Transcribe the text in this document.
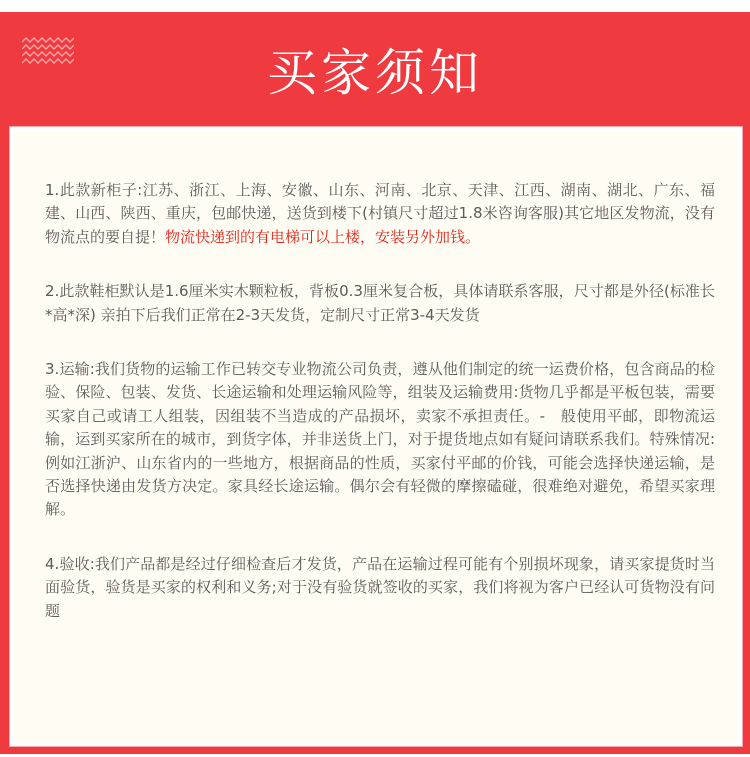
买家须知

1.此款新柜子:江苏、浙江、上海、安徽、山东、河南、北京、天津、江西、湖南、湖北、广东、福建、山西、陕西、重庆，包邮快递，送货到楼下(村镇尺寸超过1.8米咨询客服)其它地区发物流，没有物流点的要自提！物流快递到的有电梯可以上楼，安装另外加钱。

2.此款鞋柜默认是1.6厘米实木颗粒板，背板0.3厘米复合板，具体请联系客服，尺寸都是外径(标准长*高*深) 亲拍下后我们正常在2-3天发货，定制尺寸正常3-4天发货

3.运输:我们货物的运输工作已转交专业物流公司负责，遵从他们制定的统一运费价格，包含商品的检验、保险、包装、发货、长途运输和处理运输风险等，组装及运输费用:货物几乎都是平板包装，需要买家自己或请工人组装，因组装不当造成的产品损坏，卖家不承担责任。-　般使用平邮，即物流运输，运到买家所在的城市，到货字体，并非送货上门，对于提货地点如有疑问请联系我们。特殊情况:例如江浙沪、山东省内的一些地方，根据商品的性质，买家付平邮的价钱，可能会选择快递运输，是否选择快递由发货方决定。家具经长途运输。偶尔会有轻微的摩擦磕碰，很难绝对避免，希望买家理解。

4.验收:我们产品都是经过仔细检查后才发货，产品在运输过程可能有个别损坏现象，请买家提货时当面验货，验货是买家的权利和义务;对于没有验货就签收的买家，我们将视为客户已经认可货物没有问题
